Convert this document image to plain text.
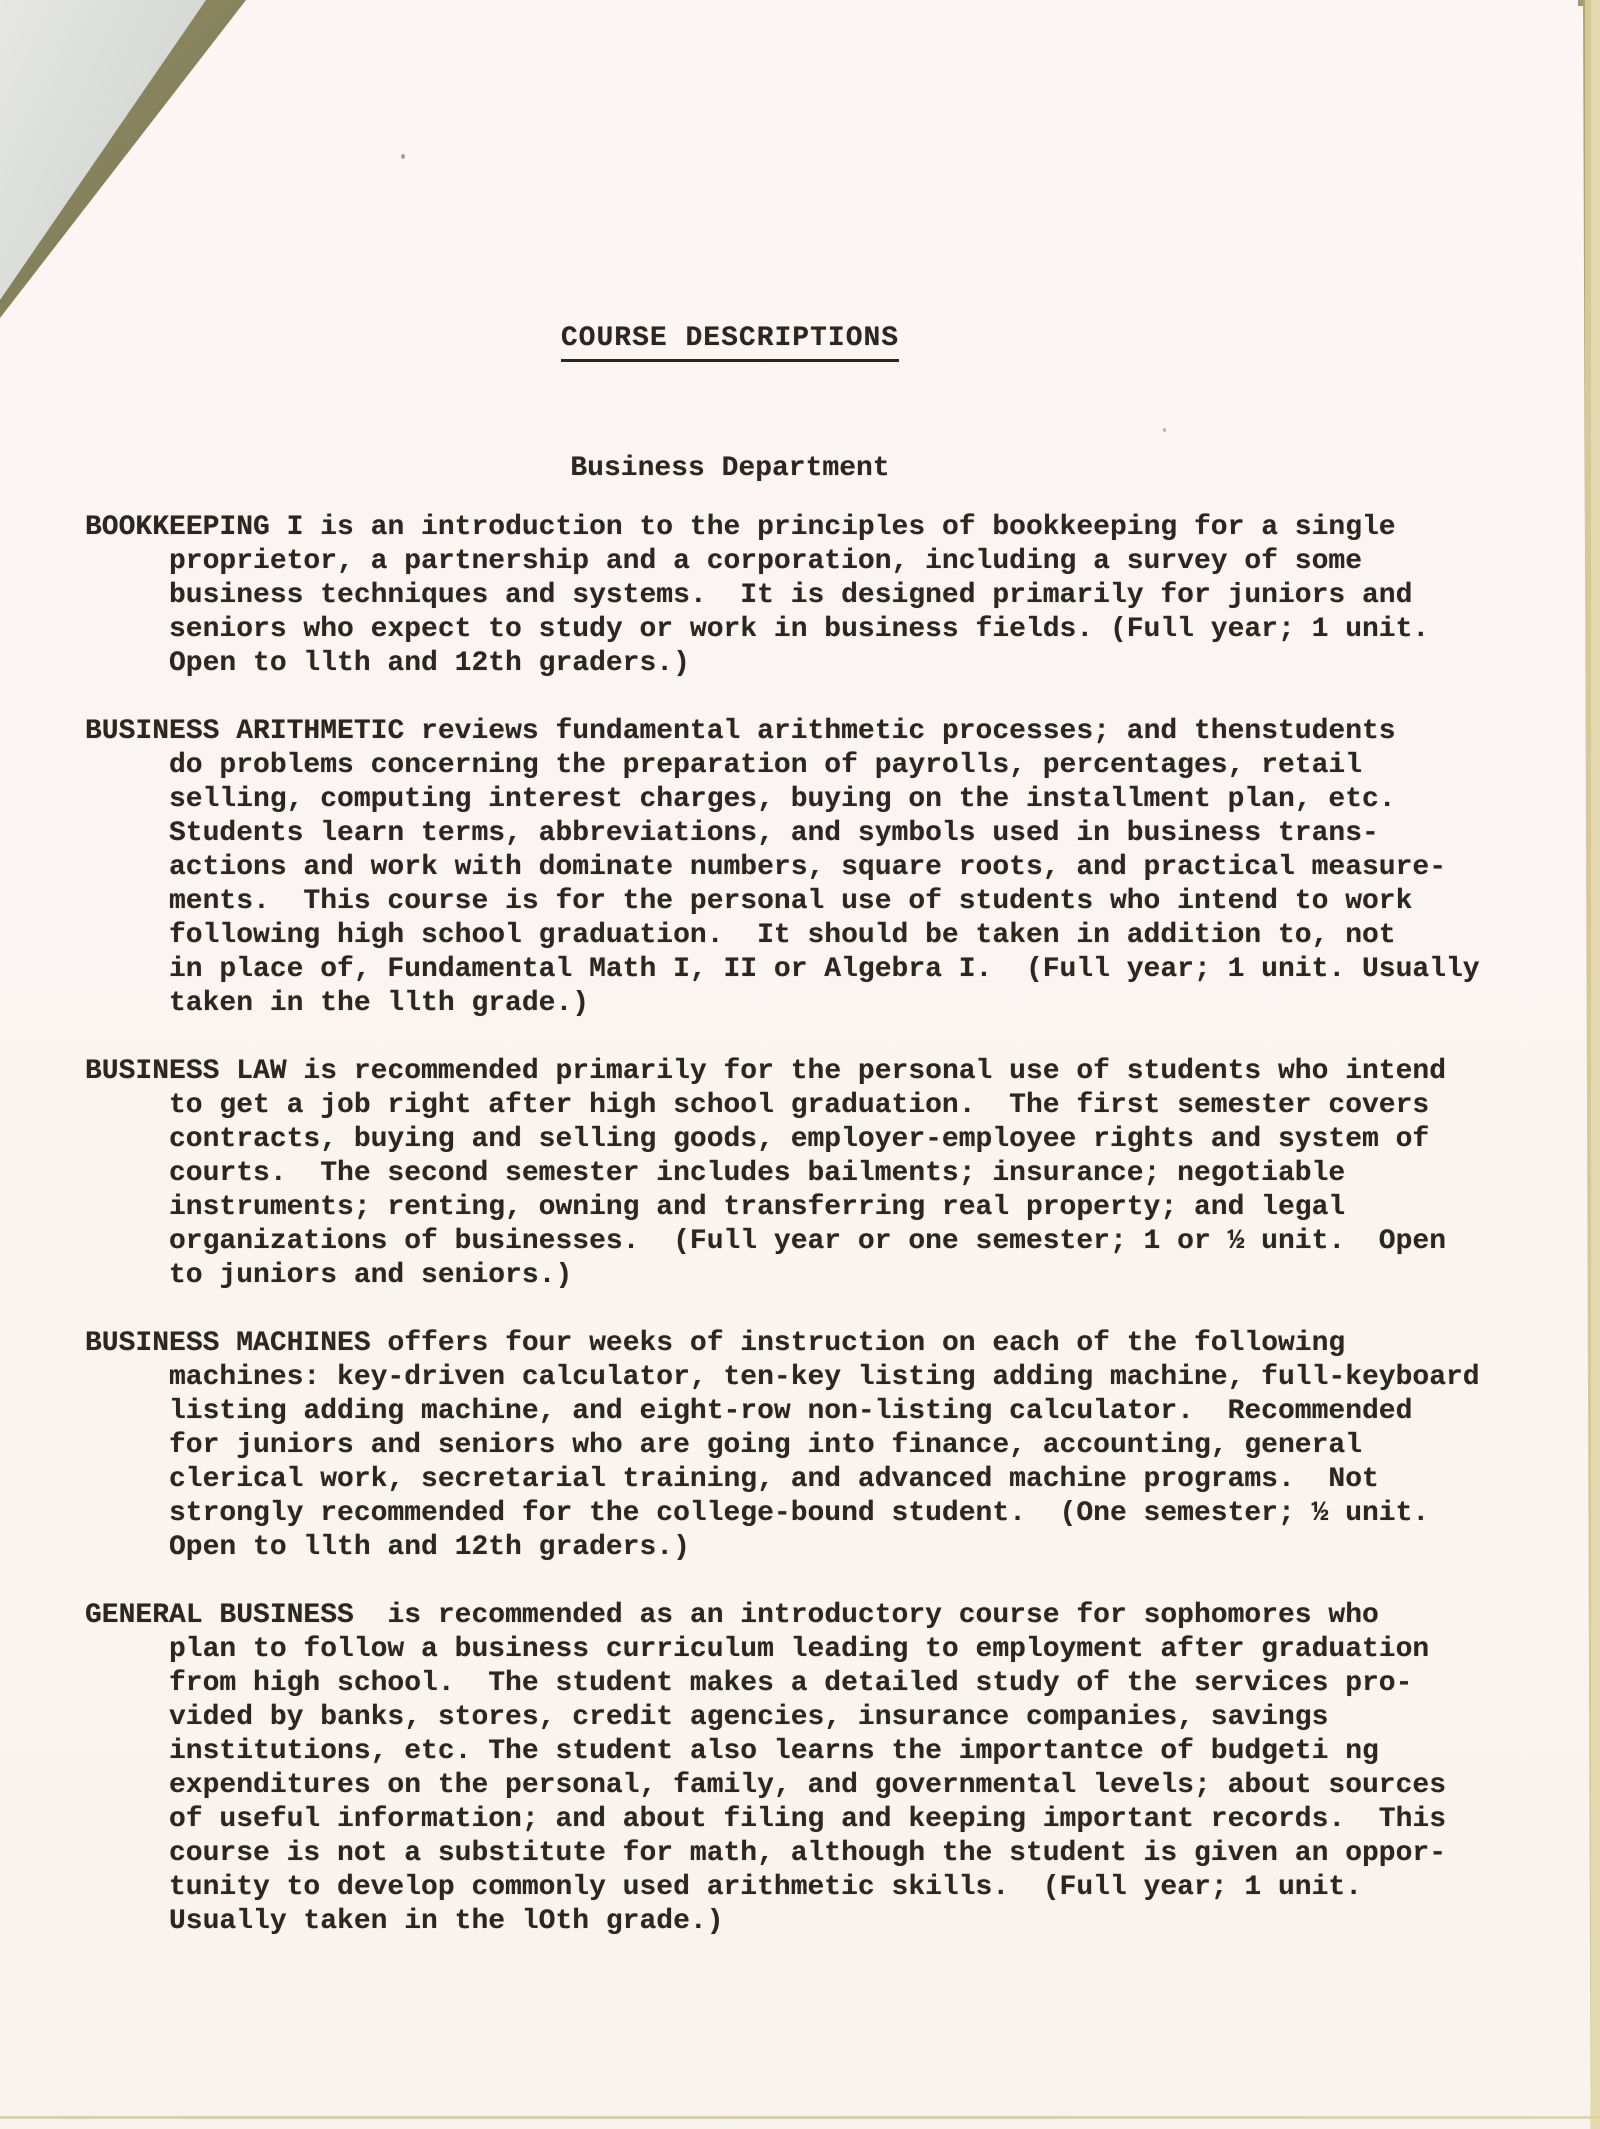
COURSE DESCRIPTIONS
Business Department
BOOKKEEPING I is an introduction to the principles of bookkeeping for a single
proprietor, a partnership and a corporation, including a survey of some
business techniques and systems.  It is designed primarily for juniors and
seniors who expect to study or work in business fields. (Full year; 1 unit.
Open to llth and 12th graders.)
BUSINESS ARITHMETIC reviews fundamental arithmetic processes; and thenstudents
do problems concerning the preparation of payrolls, percentages, retail
selling, computing interest charges, buying on the installment plan, etc.
Students learn terms, abbreviations, and symbols used in business trans-
actions and work with dominate numbers, square roots, and practical measure-
ments.  This course is for the personal use of students who intend to work
following high school graduation.  It should be taken in addition to, not
in place of, Fundamental Math I, II or Algebra I.  (Full year; 1 unit. Usually
taken in the llth grade.)
BUSINESS LAW is recommended primarily for the personal use of students who intend
to get a job right after high school graduation.  The first semester covers
contracts, buying and selling goods, employer-employee rights and system of
courts.  The second semester includes bailments; insurance; negotiable
instruments; renting, owning and transferring real property; and legal
organizations of businesses.  (Full year or one semester; 1 or ½ unit.  Open
to juniors and seniors.)
BUSINESS MACHINES offers four weeks of instruction on each of the following
machines: key-driven calculator, ten-key listing adding machine, full-keyboard
listing adding machine, and eight-row non-listing calculator.  Recommended
for juniors and seniors who are going into finance, accounting, general
clerical work, secretarial training, and advanced machine programs.  Not
strongly recommended for the college-bound student.  (One semester; ½ unit.
Open to llth and 12th graders.)
GENERAL BUSINESS  is recommended as an introductory course for sophomores who
plan to follow a business curriculum leading to employment after graduation
from high school.  The student makes a detailed study of the services pro-
vided by banks, stores, credit agencies, insurance companies, savings
institutions, etc. The student also learns the importantce of budgeti ng
expenditures on the personal, family, and governmental levels; about sources
of useful information; and about filing and keeping important records.  This
course is not a substitute for math, although the student is given an oppor-
tunity to develop commonly used arithmetic skills.  (Full year; 1 unit.
Usually taken in the lOth grade.)
